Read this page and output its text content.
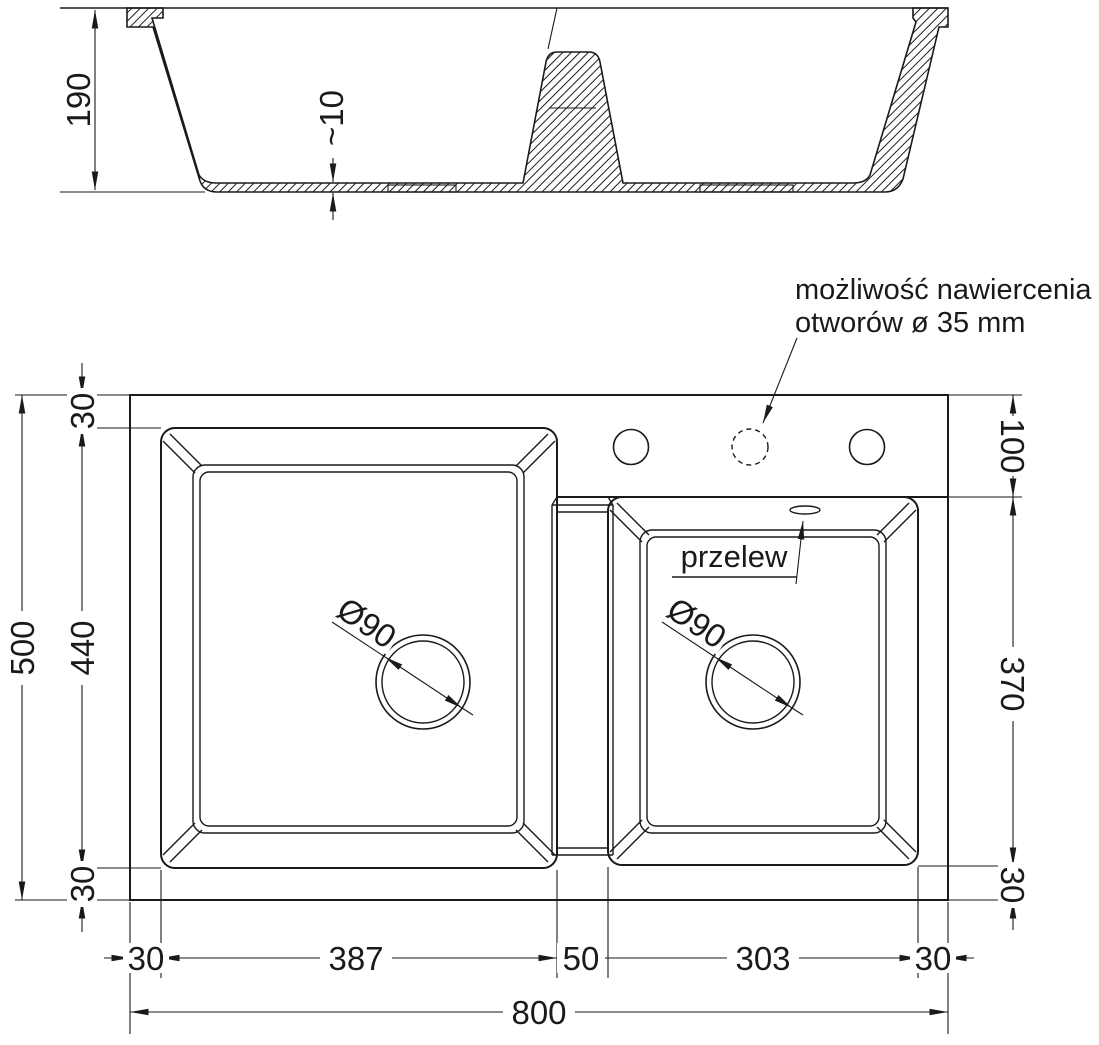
190	~10
500
30
440
30
100
370
30
30	387	50	303	30
800
Ø90	Ø90
możliwość nawiercenia
otworów ø 35 mm
przelew
